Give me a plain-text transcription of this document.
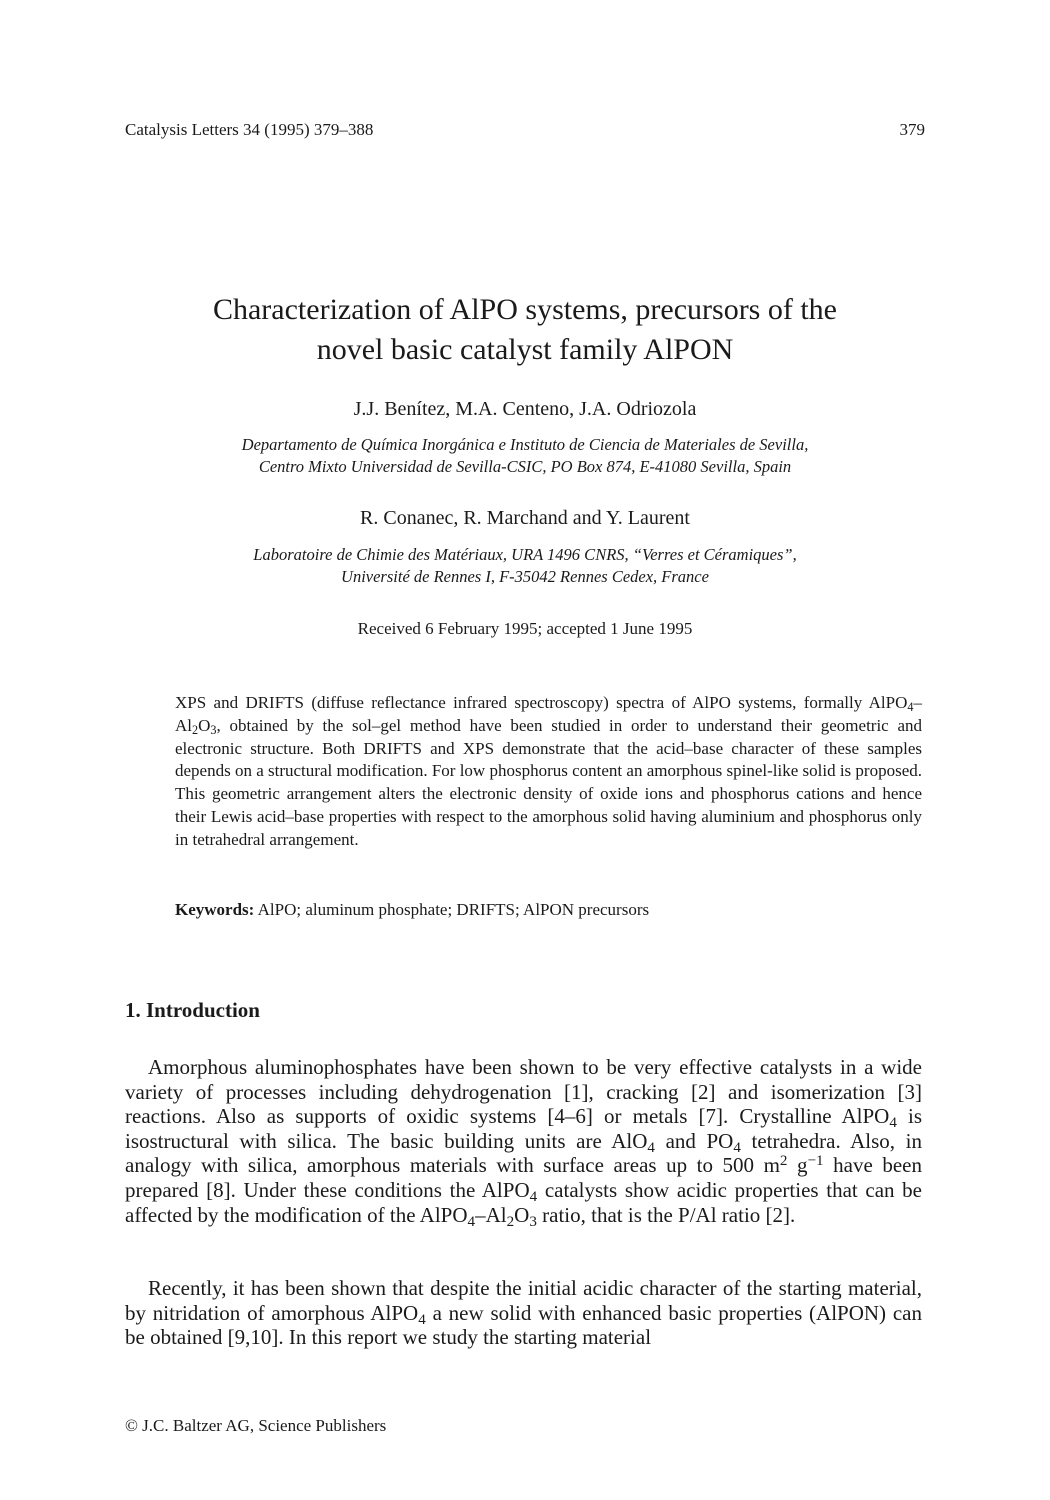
Catalysis Letters 34 (1995) 379–388	379
Characterization of AlPO systems, precursors of the
novel basic catalyst family AlPON
J.J. Benítez, M.A. Centeno, J.A. Odriozola
Departamento de Química Inorgánica e Instituto de Ciencia de Materiales de Sevilla,
Centro Mixto Universidad de Sevilla-CSIC, PO Box 874, E-41080 Sevilla, Spain
R. Conanec, R. Marchand and Y. Laurent
Laboratoire de Chimie des Matériaux, URA 1496 CNRS, “Verres et Céramiques”,
Université de Rennes I, F-35042 Rennes Cedex, France
Received 6 February 1995; accepted 1 June 1995

XPS and DRIFTS (diffuse reflectance infrared spectroscopy) spectra of AlPO systems, formally $AlPO_4-Al_2O_3$, obtained by the sol–gel method have been studied in order to understand their geometric and electronic structure. Both DRIFTS and XPS demonstrate that the acid–base character of these samples depends on a structural modification. For low phosphorus content an amorphous spinel-like solid is proposed. This geometric arrangement alters the electronic density of oxide ions and phosphorus cations and hence their Lewis acid–base properties with respect to the amorphous solid having aluminium and phosphorus only in tetrahedral arrangement.

Keywords: AlPO; aluminum phosphate; DRIFTS; AlPON precursors
1. Introduction

Amorphous aluminophosphates have been shown to be very effective catalysts in a wide variety of processes including dehydrogenation [1], cracking [2] and isomerization [3] reactions. Also as supports of oxidic systems [4–6] or metals [7]. Crystalline AlPO$_4$ is isostructural with silica. The basic building units are AlO$_4$ and $PO_4$ tetrahedra. Also, in analogy with silica, amorphous materials with surface areas up to 500 $m^2$ $g^{-1}$ have been prepared [8]. Under these conditions the AlPO$_4$ catalysts show acidic properties that can be affected by the modification of the $AlPO_4-Al_2O_3$ ratio, that is the P/Al ratio [2].

Recently, it has been shown that despite the initial acidic character of the starting material, by nitridation of amorphous AlPO$_4$ a new solid with enhanced basic properties (AlPON) can be obtained [9,10]. In this report we study the starting material

© J.C. Baltzer AG, Science Publishers
